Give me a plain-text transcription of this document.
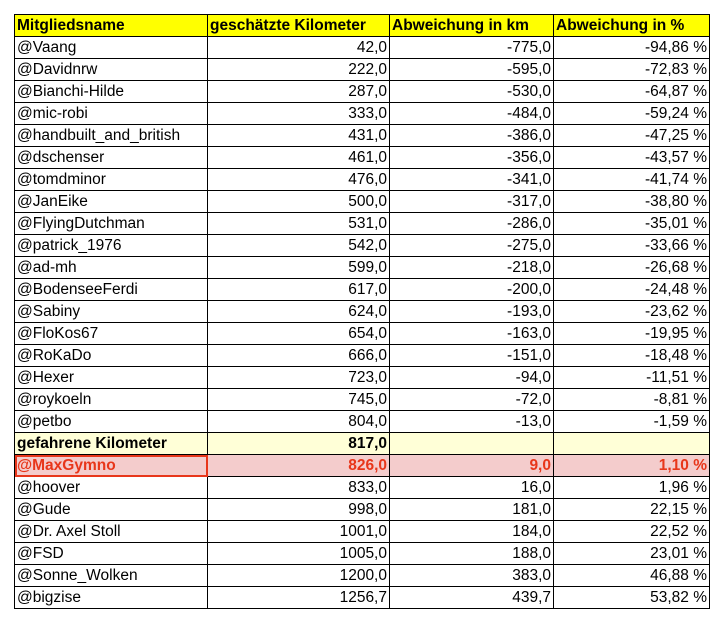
Mitgliedsname	geschätzte Kilometer	Abweichung in km	Abweichung in %
@Vaang	42,0	-775,0	-94,86 %
@Davidnrw	222,0	-595,0	-72,83 %
@Bianchi-Hilde	287,0	-530,0	-64,87 %
@mic-robi	333,0	-484,0	-59,24 %
@handbuilt_and_british	431,0	-386,0	-47,25 %
@dschenser	461,0	-356,0	-43,57 %
@tomdminor	476,0	-341,0	-41,74 %
@JanEike	500,0	-317,0	-38,80 %
@FlyingDutchman	531,0	-286,0	-35,01 %
@patrick_1976	542,0	-275,0	-33,66 %
@ad-mh	599,0	-218,0	-26,68 %
@BodenseeFerdi	617,0	-200,0	-24,48 %
@Sabiny	624,0	-193,0	-23,62 %
@FloKos67	654,0	-163,0	-19,95 %
@RoKaDo	666,0	-151,0	-18,48 %
@Hexer	723,0	-94,0	-11,51 %
@roykoeln	745,0	-72,0	-8,81 %
@petbo	804,0	-13,0	-1,59 %
gefahrene Kilometer	817,0		
@MaxGymno	826,0	9,0	1,10 %
@hoover	833,0	16,0	1,96 %
@Gude	998,0	181,0	22,15 %
@Dr. Axel Stoll	1001,0	184,0	22,52 %
@FSD	1005,0	188,0	23,01 %
@Sonne_Wolken	1200,0	383,0	46,88 %
@bigzise	1256,7	439,7	53,82 %
